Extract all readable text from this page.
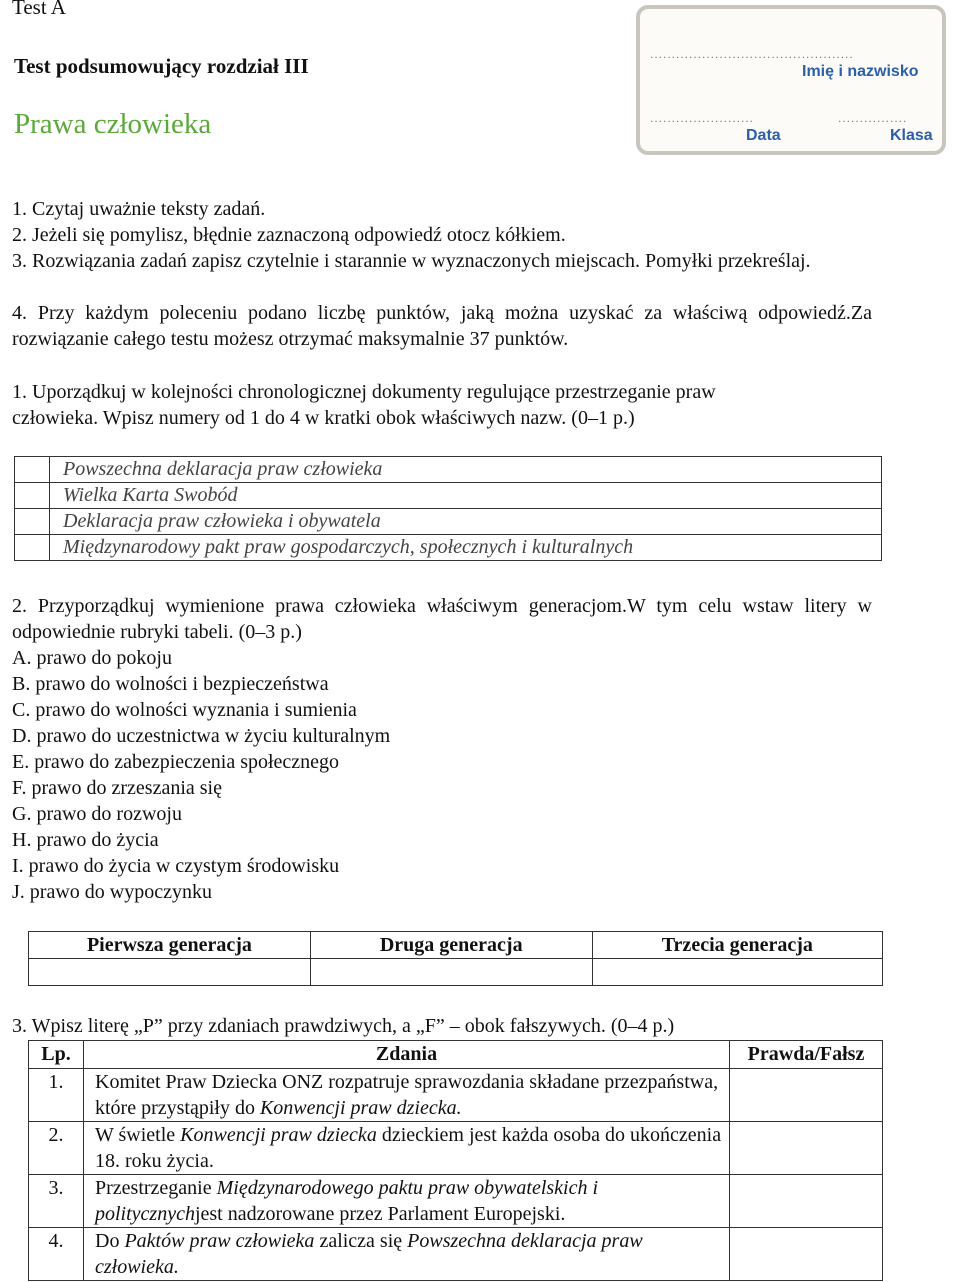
Test A
Test podsumowujący rozdział III
Prawa człowieka
...............................................
Imię i nazwisko
........................	................
Data	Klasa
1. Czytaj uważnie teksty zadań.
2. Jeżeli się pomylisz, błędnie zaznaczoną odpowiedź otocz kółkiem.
3. Rozwiązania zadań zapisz czytelnie i starannie w wyznaczonych miejscach. Pomyłki przekreślaj.
4. Przy każdym poleceniu podano liczbę punktów, jaką można uzyskać za właściwą odpowiedź.Za rozwiązanie całego testu możesz otrzymać maksymalnie 37 punktów.
1. Uporządkuj w kolejności chronologicznej dokumenty regulujące przestrzeganie praw
człowieka. Wpisz numery od 1 do 4 w kratki obok właściwych nazw. (0–1 p.)
	Powszechna deklaracja praw człowieka
	Wielka Karta Swobód
	Deklaracja praw człowieka i obywatela
	Międzynarodowy pakt praw gospodarczych, społecznych i kulturalnych
2. Przyporządkuj wymienione prawa człowieka właściwym generacjom.W tym celu wstaw litery w odpowiednie rubryki tabeli. (0–3 p.)
A. prawo do pokoju
B. prawo do wolności i bezpieczeństwa
C. prawo do wolności wyznania i sumienia
D. prawo do uczestnictwa w życiu kulturalnym
E. prawo do zabezpieczenia społecznego
F. prawo do zrzeszania się
G. prawo do rozwoju
H. prawo do życia
I. prawo do życia w czystym środowisku
J. prawo do wypoczynku
Pierwsza generacja	Druga generacja	Trzecia generacja

3. Wpisz literę „P” przy zdaniach prawdziwych, a „F” – obok fałszywych. (0–4 p.)
Lp.	Zdania	Prawda/Fałsz
1.	Komitet Praw Dziecka ONZ rozpatruje sprawozdania składane przezpaństwa, które przystąpiły do Konwencji praw dziecka.	
2.	W świetle Konwencji praw dziecka dzieckiem jest każda osoba do ukończenia 18. roku życia.	
3.	Przestrzeganie Międzynarodowego paktu praw obywatelskich i politycznychjest nadzorowane przez Parlament Europejski.	
4.	Do Paktów praw człowieka zalicza się Powszechna deklaracja praw człowieka.	
